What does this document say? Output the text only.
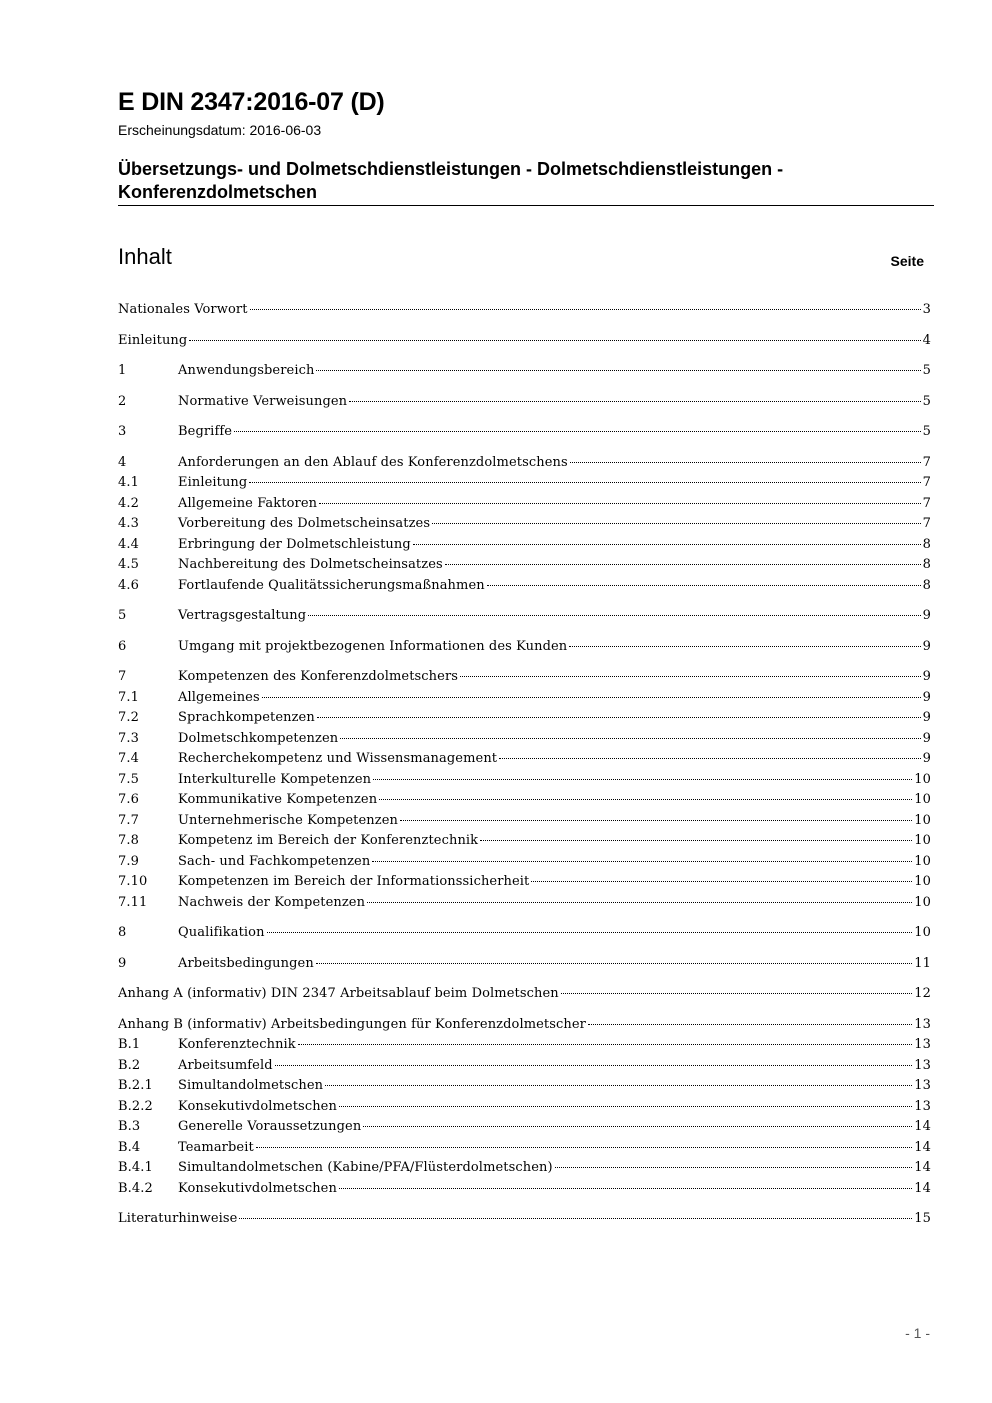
E DIN 2347:2016-07 (D)
Erscheinungsdatum: 2016-06-03
Übersetzungs- und Dolmetschdienstleistungen - Dolmetschdienstleistungen - Konferenzdolmetschen
Inhalt	Seite
Nationales Vorwort	3
Einleitung	4
1	Anwendungsbereich	5
2	Normative Verweisungen	5
3	Begriffe	5
4	Anforderungen an den Ablauf des Konferenzdolmetschens	7
4.1	Einleitung	7
4.2	Allgemeine Faktoren	7
4.3	Vorbereitung des Dolmetscheinsatzes	7
4.4	Erbringung der Dolmetschleistung	8
4.5	Nachbereitung des Dolmetscheinsatzes	8
4.6	Fortlaufende Qualitätssicherungsmaßnahmen	8
5	Vertragsgestaltung	9
6	Umgang mit projektbezogenen Informationen des Kunden	9
7	Kompetenzen des Konferenzdolmetschers	9
7.1	Allgemeines	9
7.2	Sprachkompetenzen	9
7.3	Dolmetschkompetenzen	9
7.4	Recherchekompetenz und Wissensmanagement	9
7.5	Interkulturelle Kompetenzen	10
7.6	Kommunikative Kompetenzen	10
7.7	Unternehmerische Kompetenzen	10
7.8	Kompetenz im Bereich der Konferenztechnik	10
7.9	Sach- und Fachkompetenzen	10
7.10	Kompetenzen im Bereich der Informationssicherheit	10
7.11	Nachweis der Kompetenzen	10
8	Qualifikation	10
9	Arbeitsbedingungen	11
Anhang A (informativ) DIN 2347 Arbeitsablauf beim Dolmetschen	12
Anhang B (informativ) Arbeitsbedingungen für Konferenzdolmetscher	13
B.1	Konferenztechnik	13
B.2	Arbeitsumfeld	13
B.2.1	Simultandolmetschen	13
B.2.2	Konsekutivdolmetschen	13
B.3	Generelle Voraussetzungen	14
B.4	Teamarbeit	14
B.4.1	Simultandolmetschen (Kabine/PFA/Flüsterdolmetschen)	14
B.4.2	Konsekutivdolmetschen	14
Literaturhinweise	15
- 1 -
